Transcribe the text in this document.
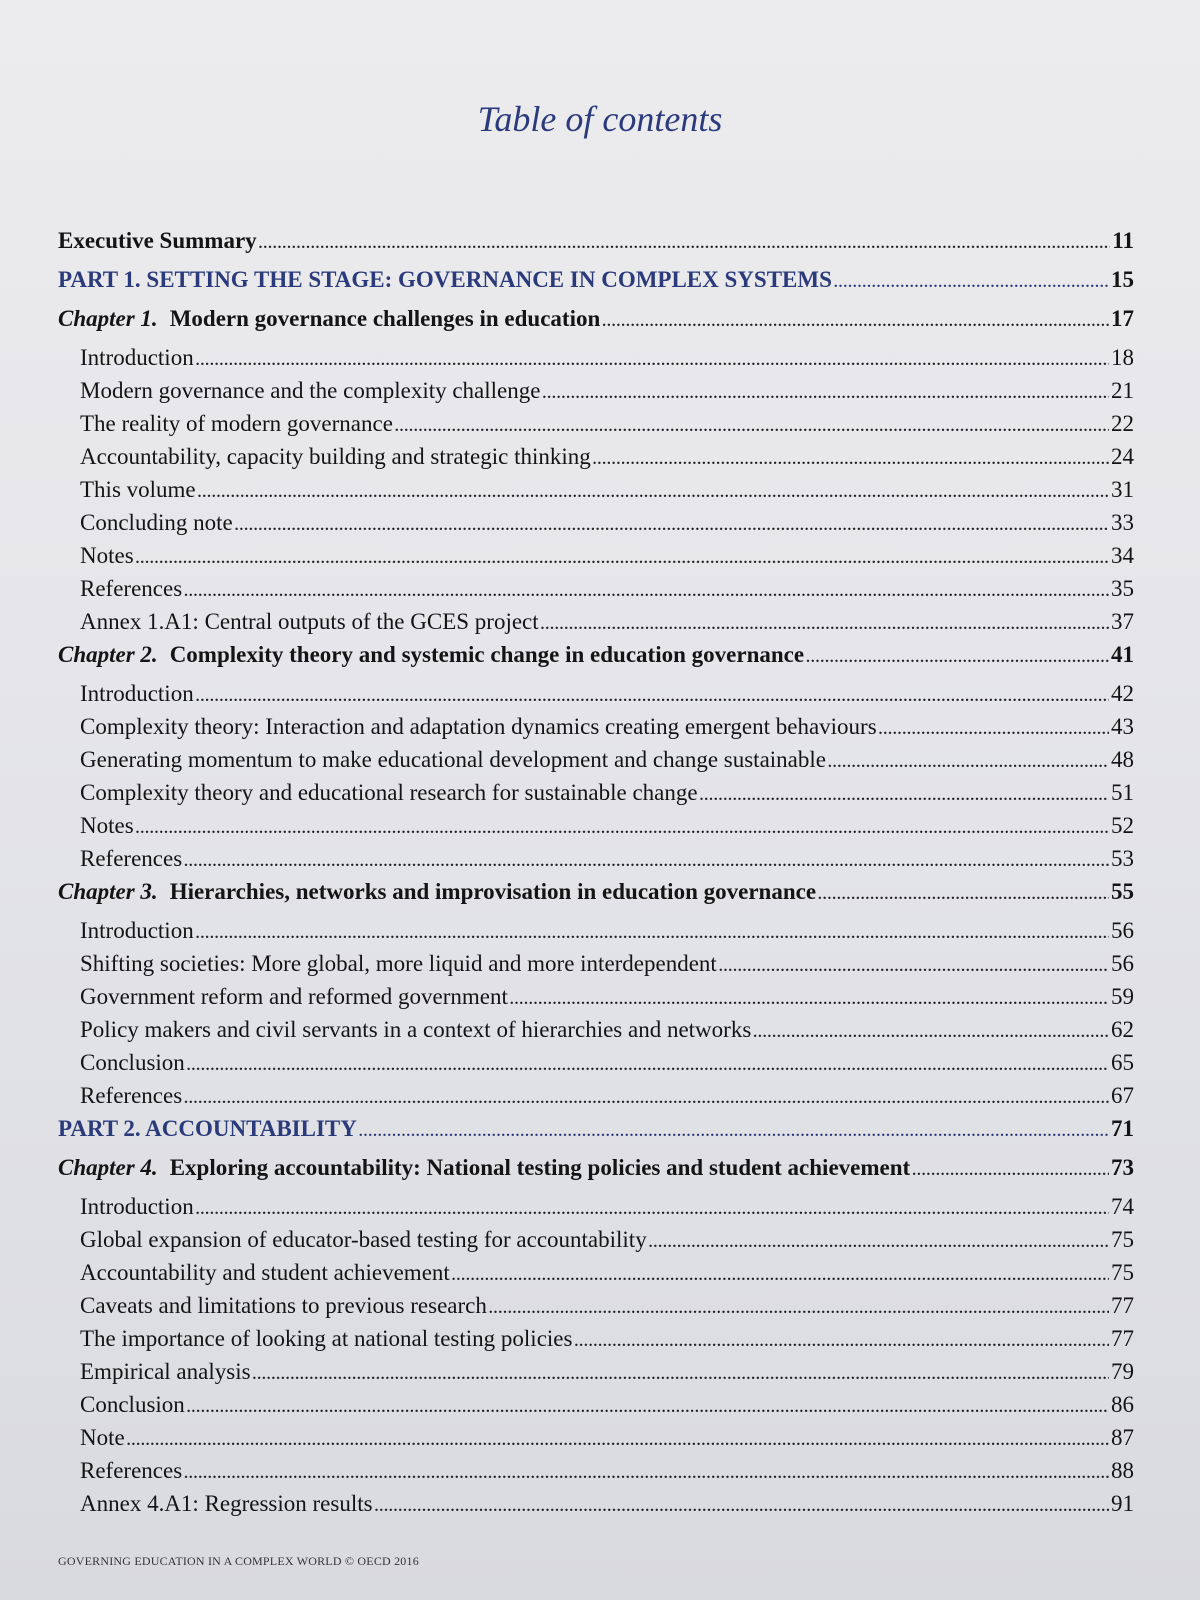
Table of contents
Executive Summary .....	11
PART 1. SETTING THE STAGE: GOVERNANCE IN COMPLEX SYSTEMS .....	15
Chapter 1. Modern governance challenges in education .....	17
Introduction .....	18
Modern governance and the complexity challenge .....	21
The reality of modern governance .....	22
Accountability, capacity building and strategic thinking .....	24
This volume .....	31
Concluding note .....	33
Notes .....	34
References .....	35
Annex 1.A1: Central outputs of the GCES project .....	37
Chapter 2. Complexity theory and systemic change in education governance .....	41
Introduction .....	42
Complexity theory: Interaction and adaptation dynamics creating emergent behaviours .....	43
Generating momentum to make educational development and change sustainable .....	48
Complexity theory and educational research for sustainable change .....	51
Notes .....	52
References .....	53
Chapter 3. Hierarchies, networks and improvisation in education governance .....	55
Introduction .....	56
Shifting societies: More global, more liquid and more interdependent .....	56
Government reform and reformed government .....	59
Policy makers and civil servants in a context of hierarchies and networks .....	62
Conclusion .....	65
References .....	67
PART 2. ACCOUNTABILITY .....	71
Chapter 4. Exploring accountability: National testing policies and student achievement .....	73
Introduction .....	74
Global expansion of educator-based testing for accountability .....	75
Accountability and student achievement .....	75
Caveats and limitations to previous research .....	77
The importance of looking at national testing policies .....	77
Empirical analysis .....	79
Conclusion .....	86
Note .....	87
References .....	88
Annex 4.A1: Regression results .....	91
GOVERNING EDUCATION IN A COMPLEX WORLD © OECD 2016
